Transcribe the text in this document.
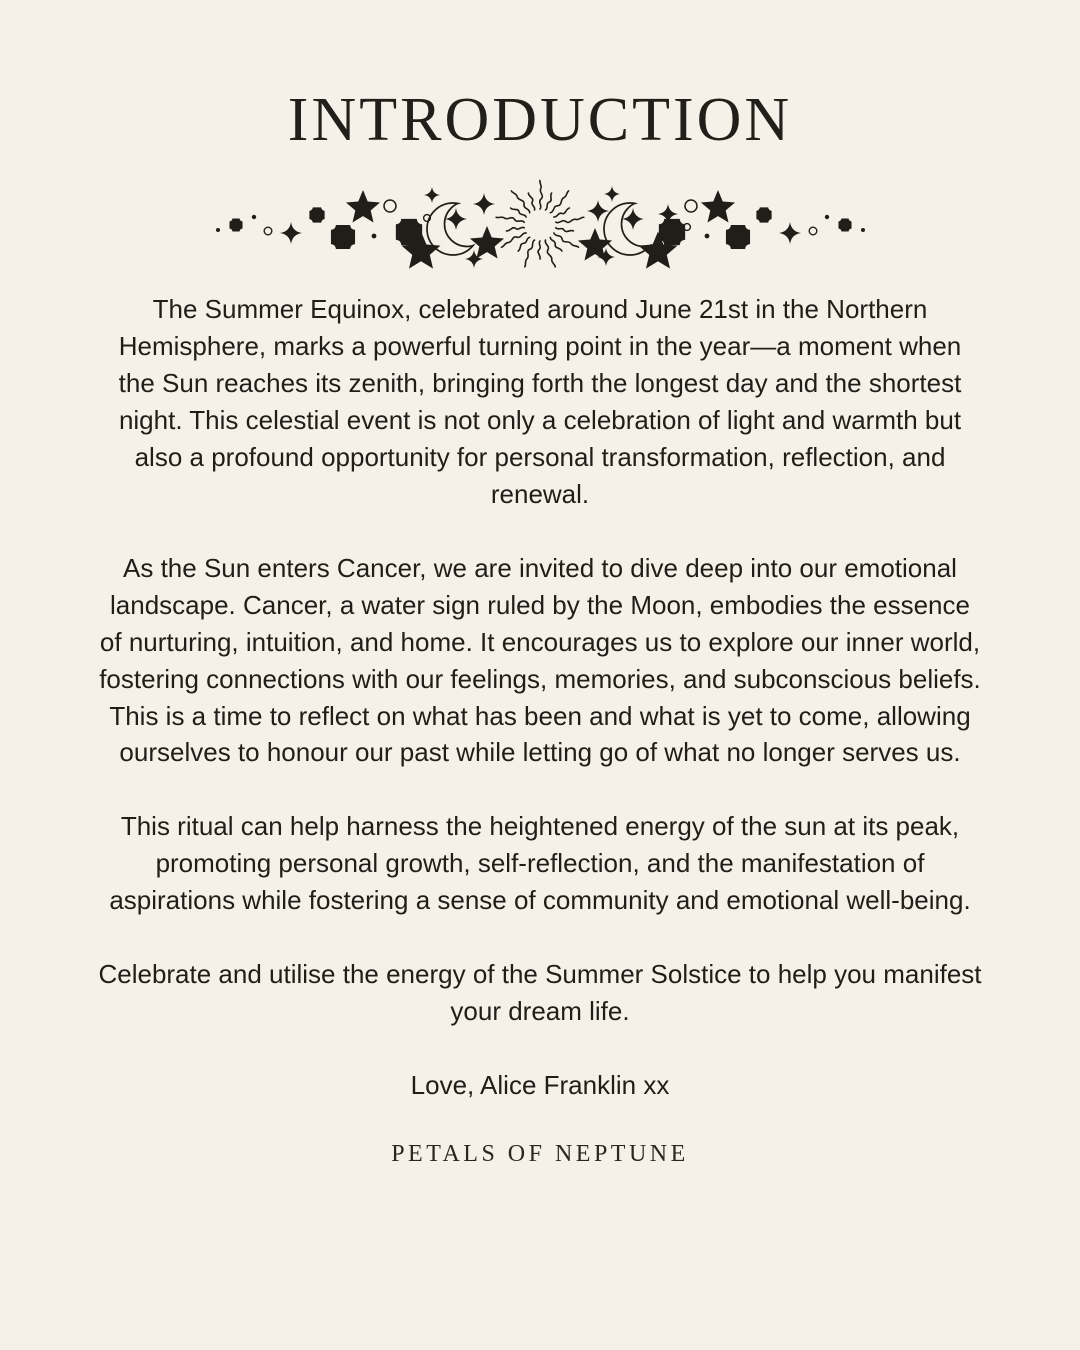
INTRODUCTION

The Summer Equinox, celebrated around June 21st in the Northern Hemisphere, marks a powerful turning point in the year—a moment when the Sun reaches its zenith, bringing forth the longest day and the shortest night. This celestial event is not only a celebration of light and warmth but also a profound opportunity for personal transformation, reflection, and renewal.

As the Sun enters Cancer, we are invited to dive deep into our emotional landscape. Cancer, a water sign ruled by the Moon, embodies the essence of nurturing, intuition, and home. It encourages us to explore our inner world, fostering connections with our feelings, memories, and subconscious beliefs. This is a time to reflect on what has been and what is yet to come, allowing ourselves to honour our past while letting go of what no longer serves us.

This ritual can help harness the heightened energy of the sun at its peak, promoting personal growth, self-reflection, and the manifestation of aspirations while fostering a sense of community and emotional well-being.

Celebrate and utilise the energy of the Summer Solstice to help you manifest your dream life.

Love, Alice Franklin xx

PETALS OF NEPTUNE
